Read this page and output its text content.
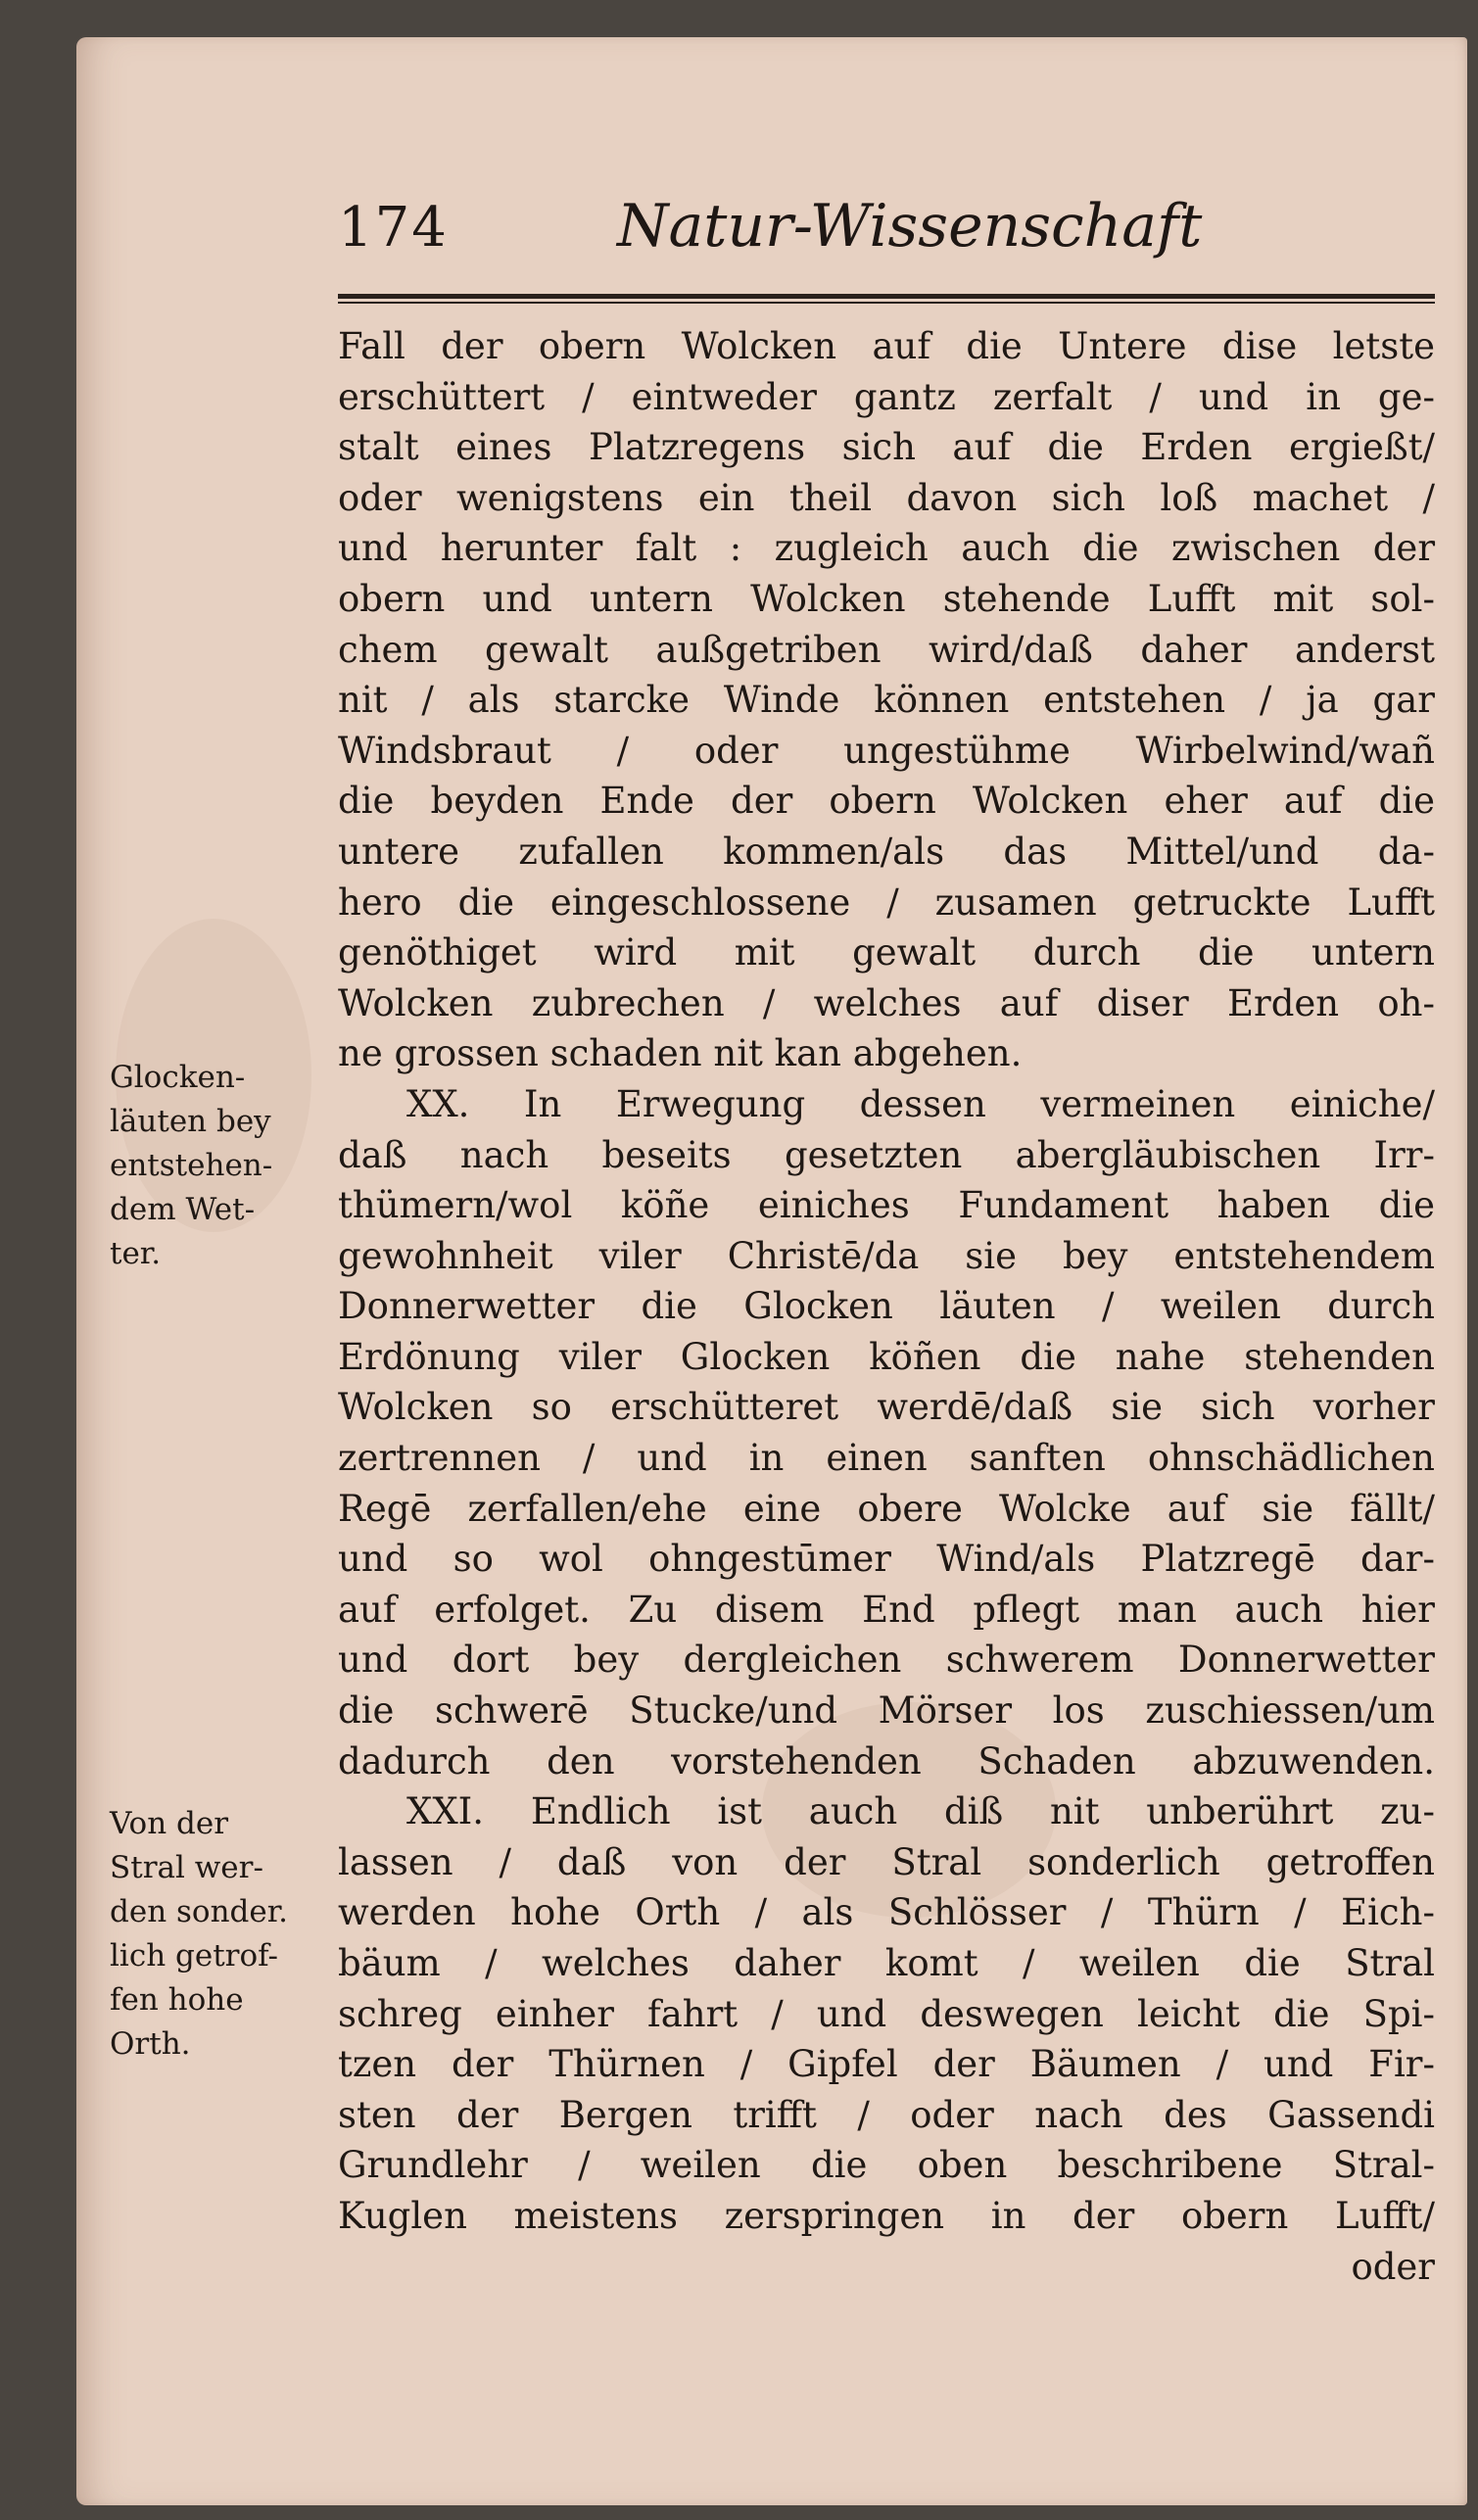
174	Natur-Wissenschaft
Glocken-
läuten bey
entstehen-
dem Wet-
ter.
Von der
Stral wer-
den sonder.
lich getrof-
fen hohe
Orth.
Fall der obern Wolcken auf die Untere dise letste
erschüttert / eintweder gantz zerfalt / und in ge-
stalt eines Platzregens sich auf die Erden ergießt/
oder wenigstens ein theil davon sich loß machet /
und herunter falt : zugleich auch die zwischen der
obern und untern Wolcken stehende Lufft mit sol-
chem gewalt außgetriben wird/daß daher anderst
nit / als starcke Winde können entstehen / ja gar
Windsbraut / oder ungestühme Wirbelwind/wañ
die beyden Ende der obern Wolcken eher auf die
untere zufallen kommen/als das Mittel/und da-
hero die eingeschlossene / zusamen getruckte Lufft
genöthiget wird mit gewalt durch die untern
Wolcken zubrechen / welches auf diser Erden oh-
ne grossen schaden nit kan abgehen.
XX. In Erwegung dessen vermeinen einiche/
daß nach beseits gesetzten abergläubischen Irr-
thümern/wol köñe einiches Fundament haben die
gewohnheit viler Christē/da sie bey entstehendem
Donnerwetter die Glocken läuten / weilen durch
Erdönung viler Glocken köñen die nahe stehenden
Wolcken so erschütteret werdē/daß sie sich vorher
zertrennen / und in einen sanften ohnschädlichen
Regē zerfallen/ehe eine obere Wolcke auf sie fällt/
und so wol ohngestūmer Wind/als Platzregē dar-
auf erfolget. Zu disem End pflegt man auch hier
und dort bey dergleichen schwerem Donnerwetter
die schwerē Stucke/und Mörser los zuschiessen/um
dadurch den vorstehenden Schaden abzuwenden.
XXI. Endlich ist auch diß nit unberührt zu-
lassen / daß von der Stral sonderlich getroffen
werden hohe Orth / als Schlösser / Thürn / Eich-
bäum / welches daher komt / weilen die Stral
schreg einher fahrt / und deswegen leicht die Spi-
tzen der Thürnen / Gipfel der Bäumen / und Fir-
sten der Bergen trifft / oder nach des Gassendi
Grundlehr / weilen die oben beschribene Stral-
Kuglen meistens zerspringen in der obern Lufft/
oder
